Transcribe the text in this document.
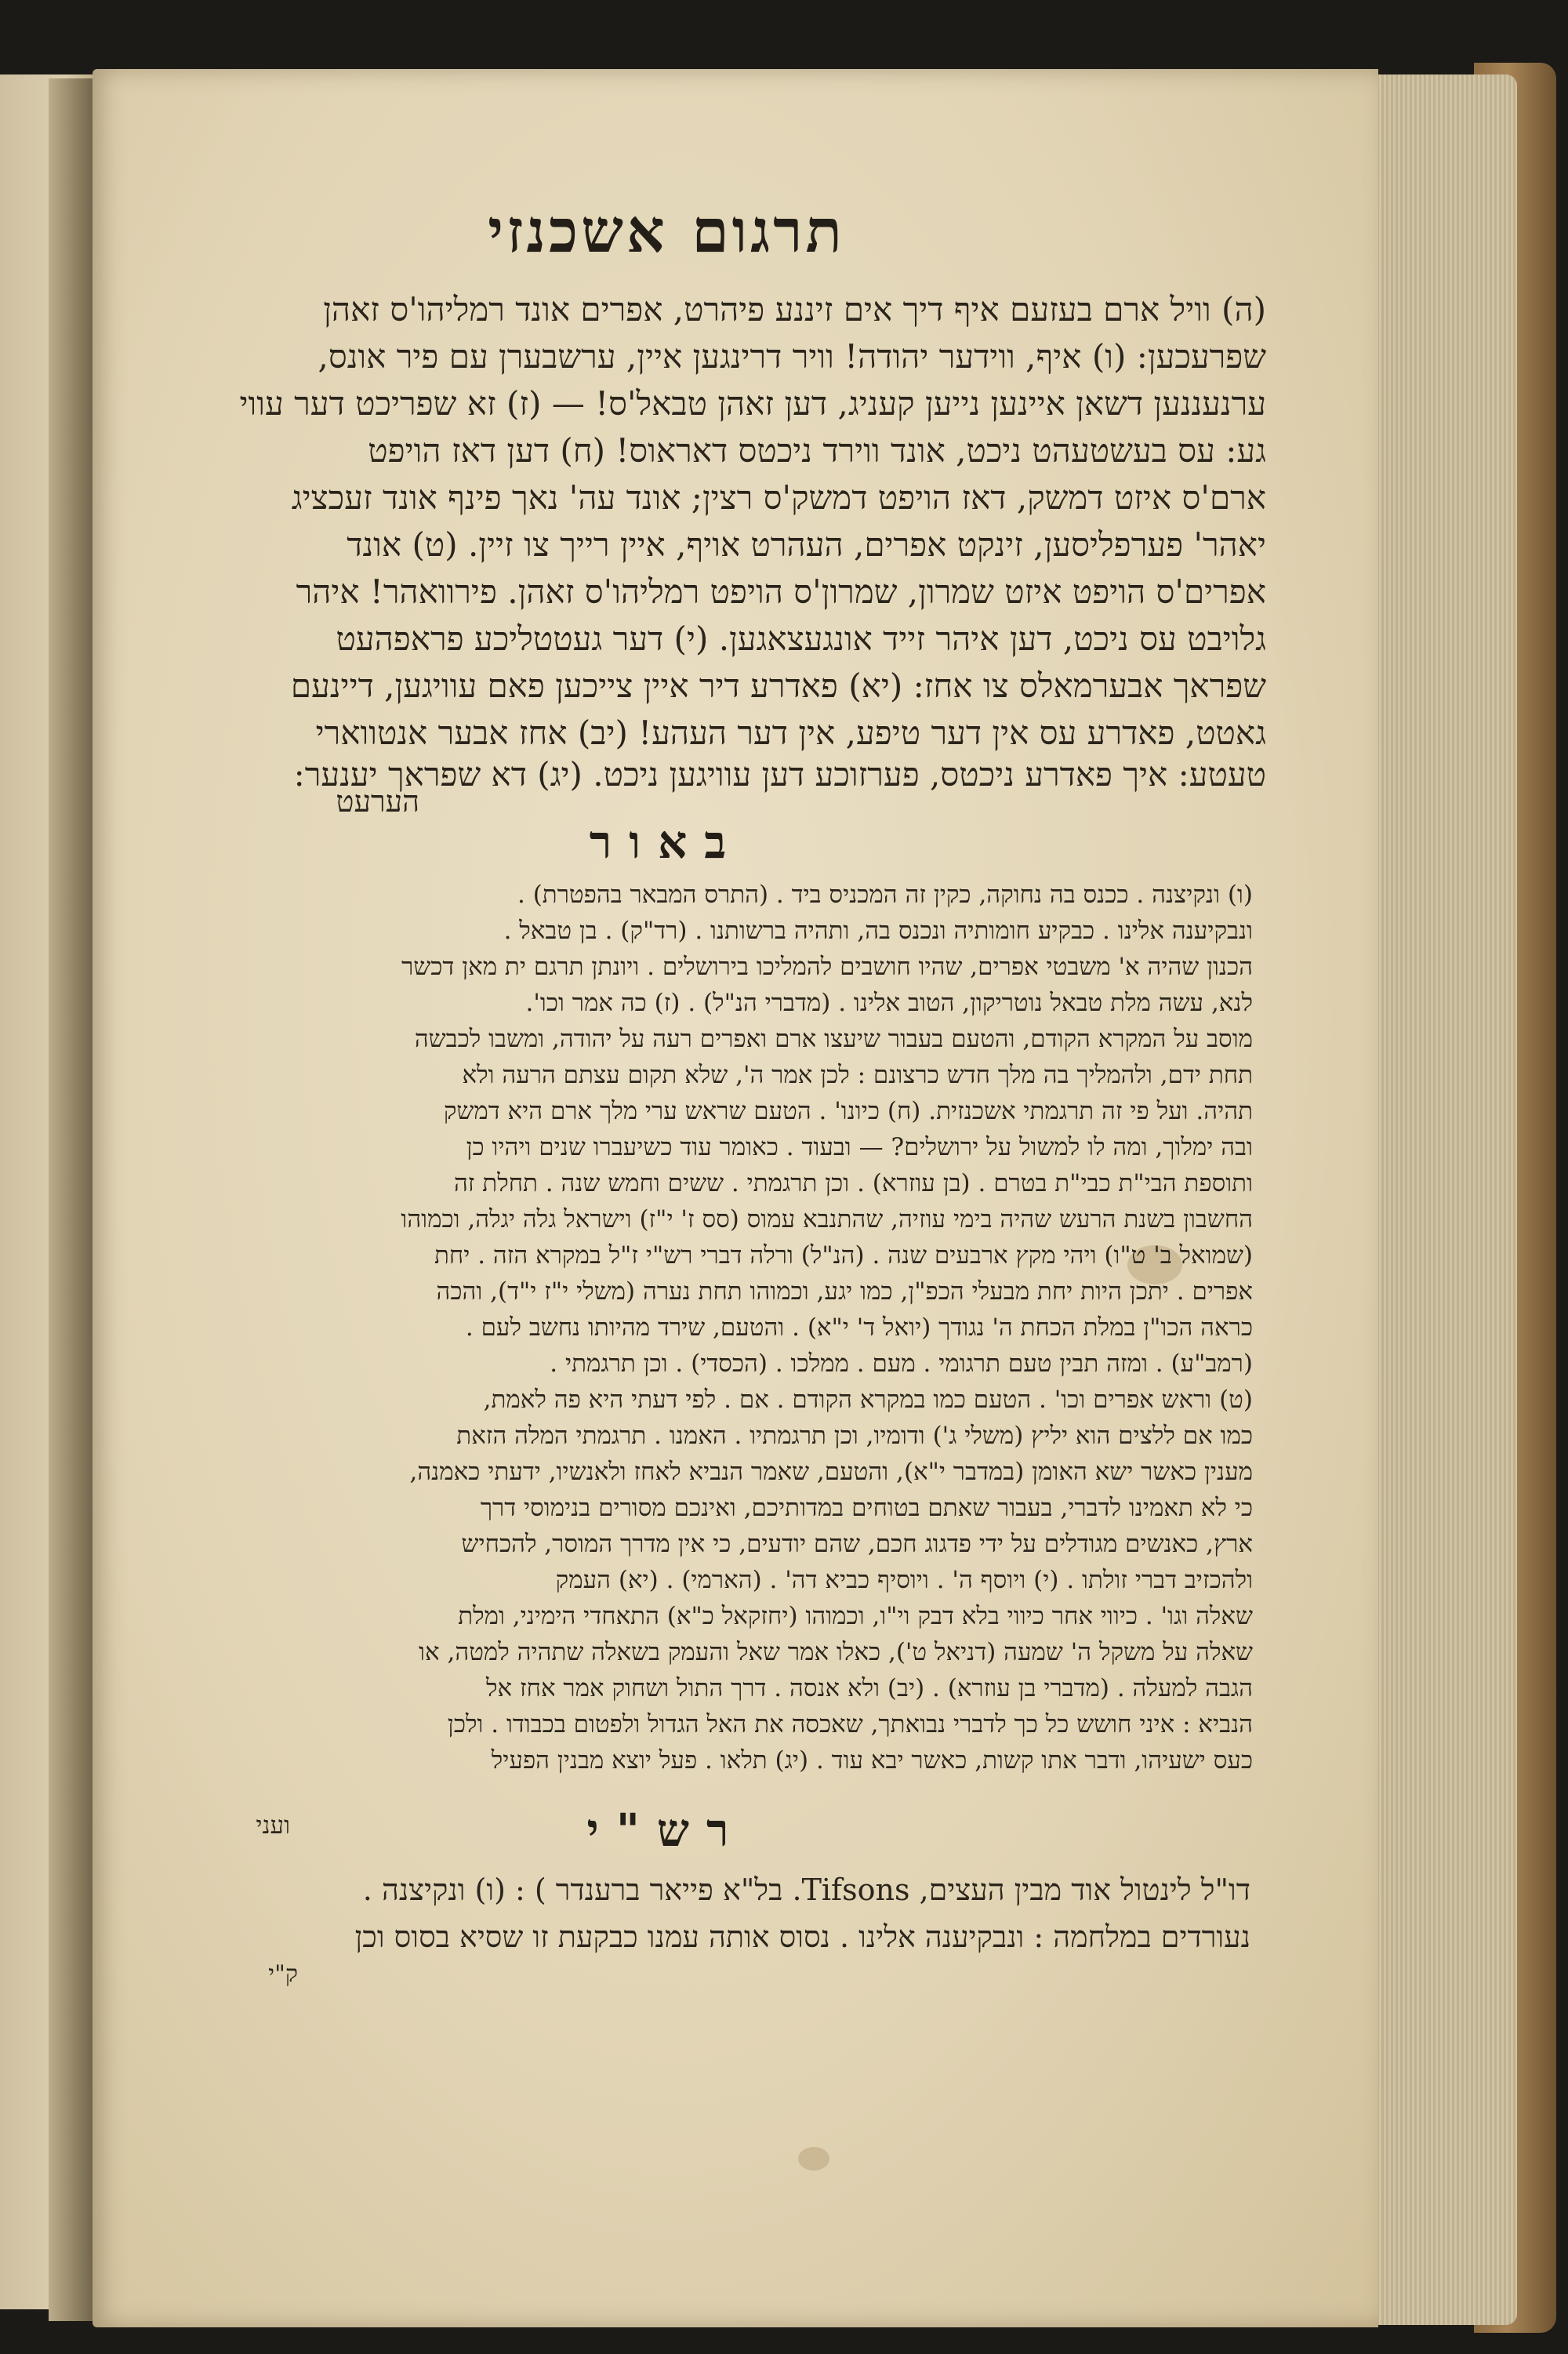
תרגום אשכנזי
(ה) וויל ארם בעזעם איף דיך אים זיננע פיהרט, אפרים אונד רמליהו'ס זאהן
שפרעכען: (ו) איף, ווידער יהודה! וויר דרינגען איין, ערשבערן עם פיר אונס,
ערנעננען דשאן איינען נייען קעניג, דען זאהן טבאל'ס! — (ז) זא שפריכט דער עווי
גע: עס בעשטעהט ניכט, אונד ווירד ניכטס דאראוס! (ח) דען דאז הויפט
ארם'ס איזט דמשק, דאז הויפט דמשק'ס רצין; אונד עה' נאך פינף אונד זעכציג
יאהר' פערפליסען, זינקט אפרים, העהרט אויף, איין רייך צו זיין. (ט) אונד
אפרים'ס הויפט איזט שמרון, שמרון'ס הויפט רמליהו'ס זאהן. פירוואהר! איהר
גלויבט עס ניכט, דען איהר זייד אונגעצאגען. (י) דער געטטליכע פראפהעט
שפראך אבערמאלס צו אחז: (יא) פאדרע דיר איין צייכען פאם עוויגען, דיינעם
גאטט, פאדרע עס אין דער טיפע, אין דער העהע! (יב) אחז אבער אנטווארי
טעטע: איך פאדרע ניכטס, פערזוכע דען עוויגען ניכט. (יג) דא שפראך יענער:
הערעט
באור
(ו) ונקיצנה . ככנס בה נחוקה, כקין זה המכניס ביד . (התרס המבאר בהפטרת) .
ונבקיענה אלינו . כבקיע חומותיה ונכנס בה, ותהיה ברשותנו . (רד"ק) . בן טבאל .
הכנון שהיה א' משבטי אפרים, שהיו חושבים להמליכו בירושלים . ויונתן תרגם ית מאן דכשר
לנא, עשה מלת טבאל נוטריקון, הטוב אלינו . (מדברי הנ"ל) . (ז) כה אמר וכו'.
מוסב על המקרא הקודם, והטעם בעבור שיעצו ארם ואפרים רעה על יהודה, ומשבו לכבשה
תחת ידם, ולהמליך בה מלך חדש כרצונם : לכן אמר ה', שלא תקום עצתם הרעה ולא
תהיה. ועל פי זה תרגמתי אשכנזית. (ח) כיונו' . הטעם שראש ערי מלך ארם היא דמשק
ובה ימלוך, ומה לו למשול על ירושלים? — ובעוד . כאומר עוד כשיעברו שנים ויהיו כן
ותוספת הבי"ת כבי"ת בטרם . (בן עוזרא) . וכן תרגמתי . ששים וחמש שנה . תחלת זה
החשבון בשנת הרעש שהיה בימי עוזיה, שהתנבא עמוס (סס ז' י"ז) וישראל גלה יגלה, וכמוהו
(שמואל ב' ט"ו) ויהי מקץ ארבעים שנה . (הנ"ל) ורלה דברי רש"י ז"ל במקרא הזה . יחת
אפרים . יתכן היות יחת מבעלי הכפ"ן, כמו יגע, וכמוהו תחת נערה (משלי י"ז י"ד), והכה
כראה הכו"ן במלת הכחת ה' נגודך (יואל ד' י"א) . והטעם, שירד מהיותו נחשב לעם .
(רמב"ע) . ומזה תבין טעם תרגומי . מעם . ממלכו . (הכסדי) . וכן תרגמתי .
(ט) וראש אפרים וכו' . הטעם כמו במקרא הקודם . אם . לפי דעתי היא פה לאמת,
כמו אם ללצים הוא יליץ (משלי ג') ודומיו, וכן תרגמתיו . האמנו . תרגמתי המלה הזאת
מענין כאשר ישא האומן (במדבר י"א), והטעם, שאמר הנביא לאחז ולאנשיו, ידעתי כאמנה,
כי לא תאמינו לדברי, בעבור שאתם בטוחים במדותיכם, ואינכם מסורים בנימוסי דרך
ארץ, כאנשים מגודלים על ידי פדגוג חכם, שהם יודעים, כי אין מדרך המוסר, להכחיש
ולהכזיב דברי זולתו . (י) ויוסף ה' . ויוסיף כביא דה' . (הארמי) . (יא) העמק
שאלה וגו' . כיווי אחר כיווי בלא דבק וי"ו, וכמוהו (יחזקאל כ"א) התאחדי הימיני, ומלת
שאלה על משקל ה' שמעה (דניאל ט'), כאלו אמר שאל והעמק בשאלה שתהיה למטה, או
הגבה למעלה . (מדברי בן עוזרא) . (יב) ולא אנסה . דרך התול ושחוק אמר אחז אל
הנביא : איני חושש כל כך לדברי נבואתך, שאכסה את האל הגדול ולפטום בכבודו . ולכן
כעס ישעיהו, ודבר אתו קשות, כאשר יבא עוד . (יג) תלאו . פעל יוצא מבנין הפעיל
ועני	רש"י
דו"ל לינטול אוד מבין העצים, Tifsons. בל"א פייאר ברענדר ) : (ו) ונקיצנה .
נעורדים במלחמה : ונבקיענה אלינו . נסוס אותה עמנו כבקעת זו שסיא בסוס וכן
ק"י
